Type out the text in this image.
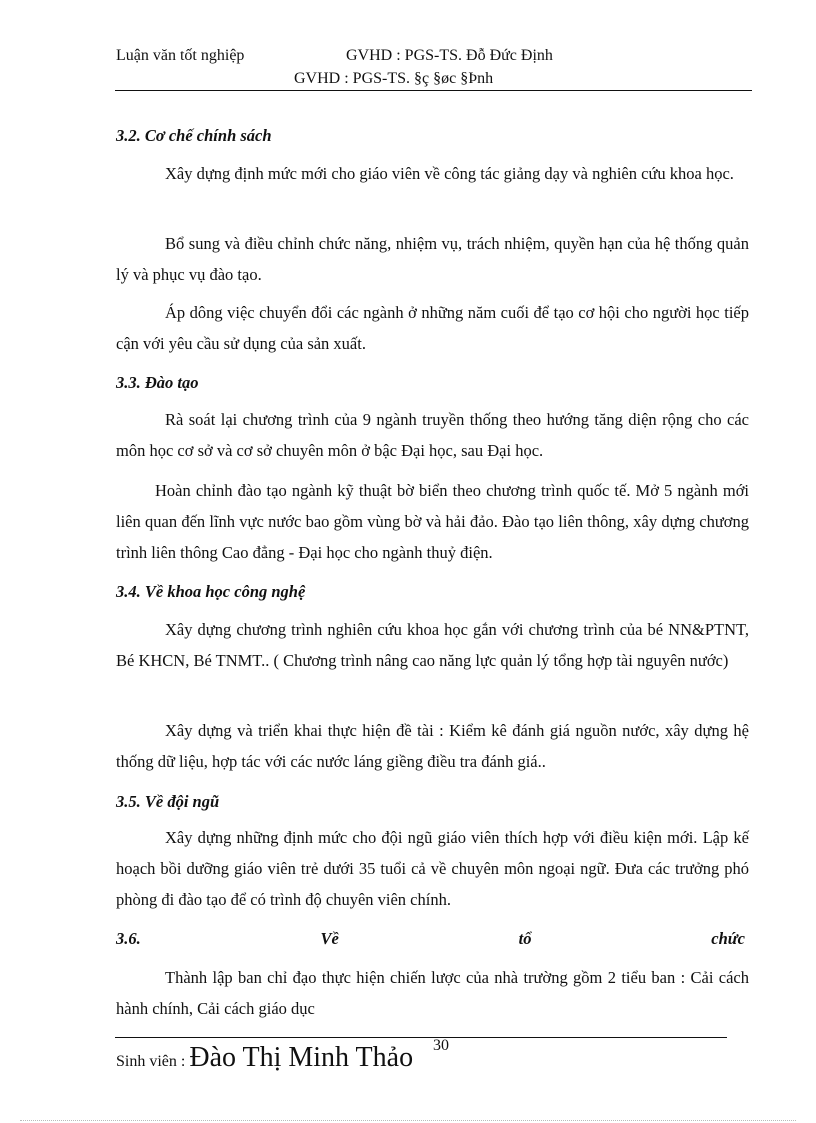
Luận văn tốt nghiệp	GVHD : PGS-TS. Đỗ Đức Định
GVHD : PGS-TS. §ç §øc §Þnh
3.2. Cơ chế chính sách
Xây dựng định mức mới cho giáo viên về công tác giảng dạy và nghiên cứu khoa học.
Bổ sung và điều chỉnh chức năng, nhiệm vụ, trách nhiệm, quyền hạn của hệ thống quản lý và phục vụ đào tạo.
Áp dông việc chuyển đổi các ngành ở những năm cuối để tạo cơ hội cho người học tiếp cận với yêu cầu sử dụng của sản xuất.
3.3. Đào tạo
Rà soát lại chương trình của 9 ngành truyền thống theo hướng tăng diện rộng cho các môn học cơ sở và cơ sở chuyên môn ở bậc Đại học, sau Đại học.
Hoàn chỉnh đào tạo ngành kỹ thuật bờ biển theo chương trình quốc tế. Mở 5 ngành mới liên quan đến lĩnh vực nước bao gồm vùng bờ và hải đảo. Đào tạo liên thông, xây dựng chương trình liên thông Cao đẳng - Đại học cho ngành thuỷ điện.
3.4. Về khoa học công nghệ
Xây dựng chương trình nghiên cứu khoa học gắn với chương trình của bé NN&PTNT, Bé KHCN, Bé TNMT.. ( Chương trình nâng cao năng lực quản lý tổng hợp tài nguyên nước)
Xây dựng và triển khai thực hiện đề tài : Kiểm kê đánh giá nguồn nước, xây dựng hệ thống dữ liệu, hợp tác với các nước láng giềng điều tra đánh giá..
3.5. Về đội ngũ
Xây dựng những định mức cho đội ngũ giáo viên thích hợp với điều kiện mới. Lập kế hoạch bồi dưỡng giáo viên trẻ dưới 35 tuổi cả về chuyên môn ngoại ngữ. Đưa các trưởng phó phòng đi đào tạo để có trình độ chuyên viên chính.
3.6.	Về	tổ	chức
Thành lập ban chỉ đạo thực hiện chiến lược của nhà trường gồm 2 tiểu ban : Cải cách hành chính, Cải cách giáo dục
30
Sinh viên : Đào Thị Minh Thảo
